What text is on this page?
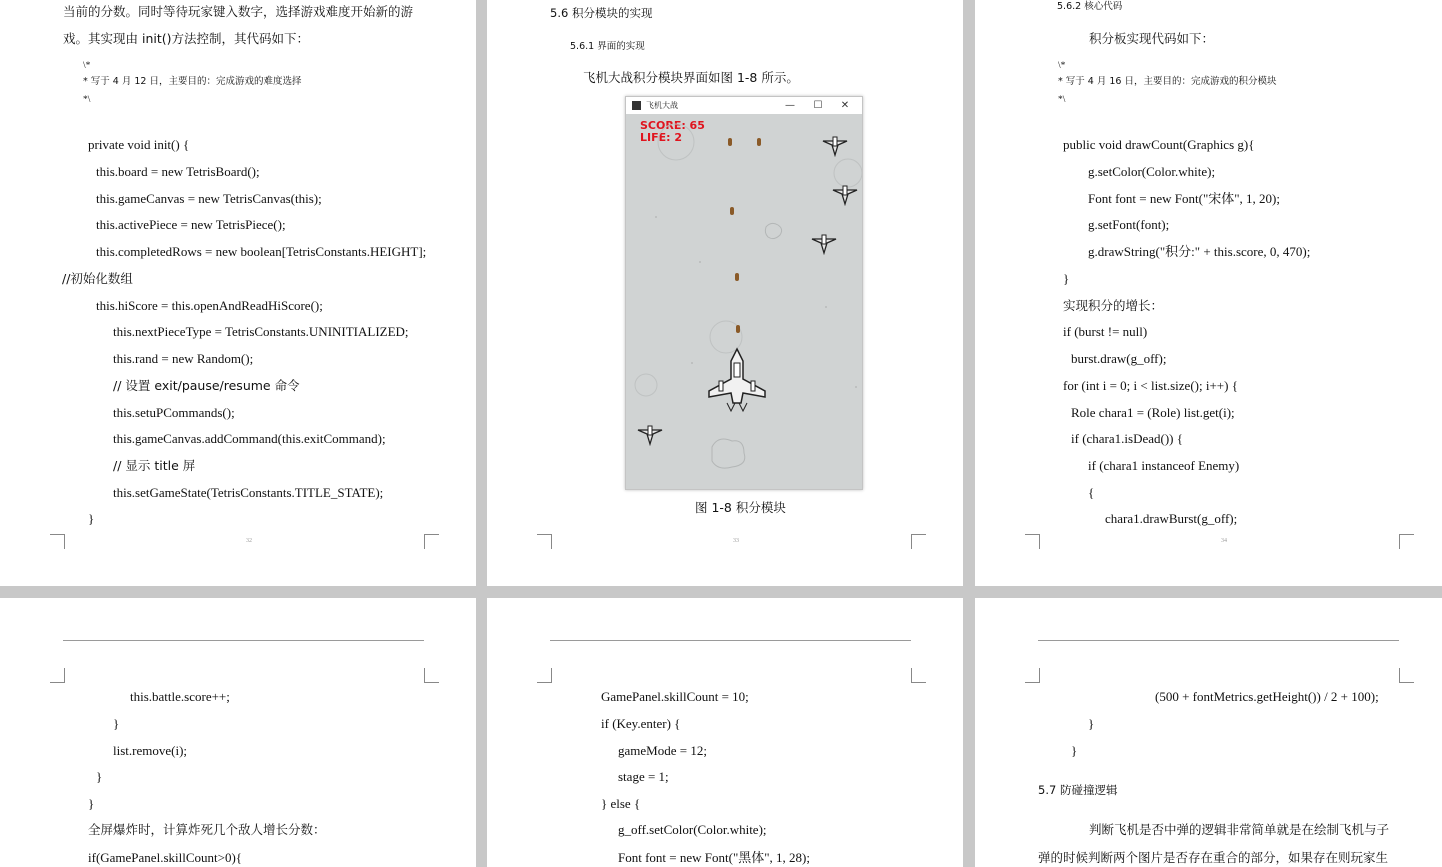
当前的分数。同时等待玩家键入数字，选择游戏难度开始新的游
戏。其实现由 init()方法控制，其代码如下：
\*
* 写于 4 月 12 日，主要目的：完成游戏的难度选择
*\
private void init() {
this.board = new TetrisBoard();
this.gameCanvas = new TetrisCanvas(this);
this.activePiece = new TetrisPiece();
this.completedRows = new boolean[TetrisConstants.HEIGHT];
//初始化数组
this.hiScore = this.openAndReadHiScore();
this.nextPieceType = TetrisConstants.UNINITIALIZED;
this.rand = new Random();
// 设置 exit/pause/resume 命令
this.setuPCommands();
this.gameCanvas.addCommand(this.exitCommand);
// 显示 title 屏
this.setGameState(TetrisConstants.TITLE_STATE);
}
32
5.6 积分模块的实现
5.6.1 界面的实现
飞机大战积分模块界面如图 1-8 所示。
飞机大战	—	☐	✕
SCORE: 65
LIFE: 2
图 1-8 积分模块
33
5.6.2 核心代码
积分板实现代码如下：
\*
* 写于 4 月 16 日，主要目的：完成游戏的积分模块
*\
public void drawCount(Graphics g){
g.setColor(Color.white);
Font font = new Font("宋体", 1, 20);
g.setFont(font);
g.drawString("积分:" + this.score, 0, 470);
}
实现积分的增长：
if (burst != null)
burst.draw(g_off);
for (int i = 0; i < list.size(); i++) {
Role chara1 = (Role) list.get(i);
if (chara1.isDead()) {
if (chara1 instanceof Enemy)
{
chara1.drawBurst(g_off);
34
this.battle.score++;
}
list.remove(i);
}
}
全屏爆炸时，计算炸死几个敌人增长分数：
if(GamePanel.skillCount>0){
GamePanel.skillCount = 10;
if (Key.enter) {
gameMode = 12;
stage = 1;
} else {
g_off.setColor(Color.white);
Font font = new Font("黑体", 1, 28);
(500 + fontMetrics.getHeight()) / 2 + 100);
}
}
5.7 防碰撞逻辑
判断飞机是否中弹的逻辑非常简单就是在绘制飞机与子
弹的时候判断两个图片是否存在重合的部分，如果存在则玩家生
